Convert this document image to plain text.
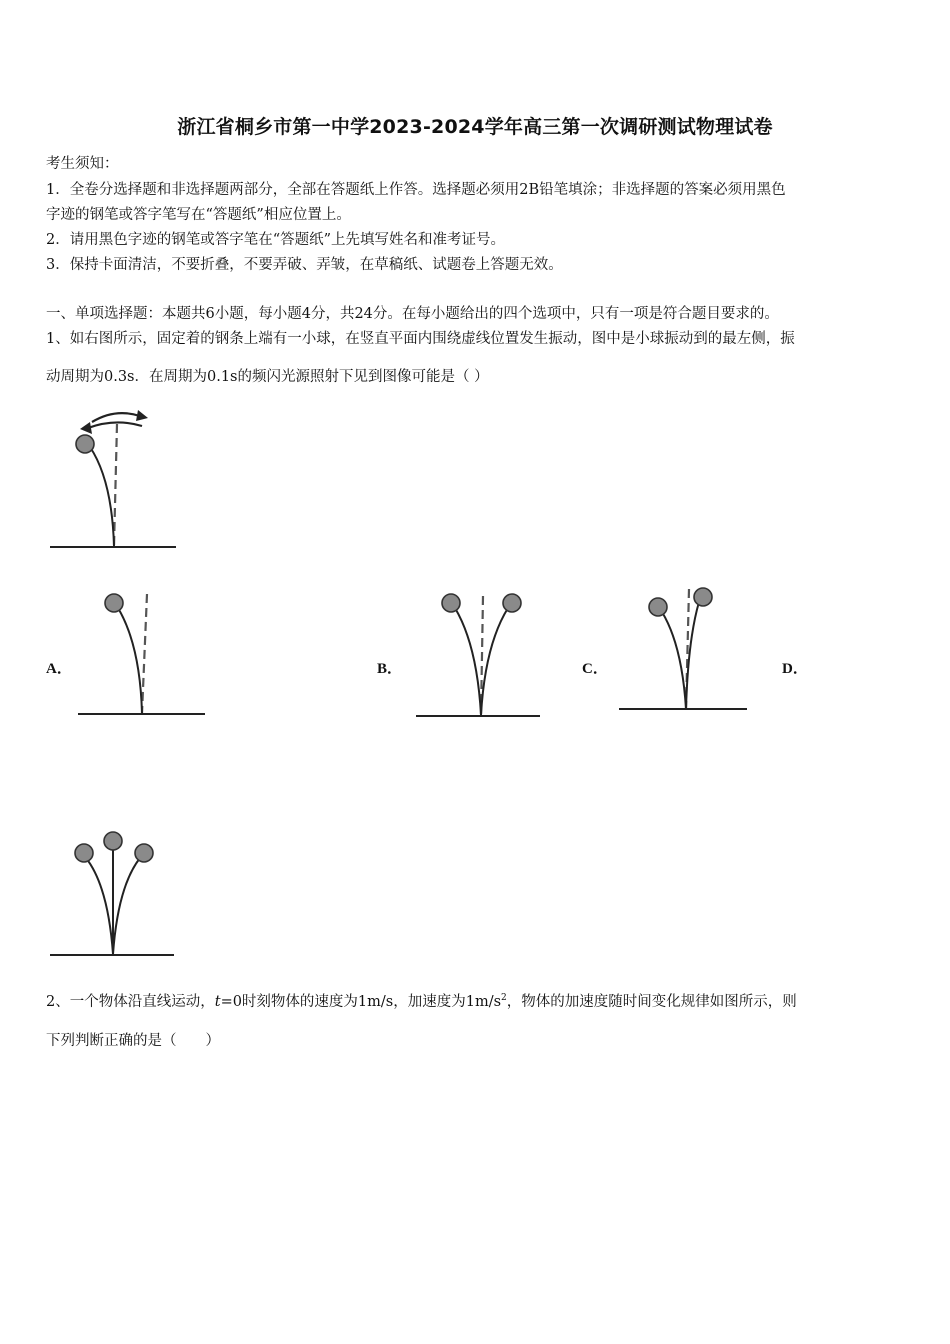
浙江省桐乡市第一中学2023-2024学年高三第一次调研测试物理试卷
考生须知：
1．全卷分选择题和非选择题两部分，全部在答题纸上作答。选择题必须用2B铅笔填涂；非选择题的答案必须用黑色
字迹的钢笔或答字笔写在“答题纸”相应位置上。
2．请用黑色字迹的钢笔或答字笔在“答题纸”上先填写姓名和准考证号。
3．保持卡面清洁，不要折叠，不要弄破、弄皱，在草稿纸、试题卷上答题无效。
一、单项选择题：本题共6小题，每小题4分，共24分。在每小题给出的四个选项中，只有一项是符合题目要求的。
1、如右图所示，固定着的钢条上端有一小球，在竖直平面内围绕虚线位置发生振动，图中是小球振动到的最左侧，振
动周期为0.3s．在周期为0.1s的频闪光源照射下见到图像可能是（ ）
A．	B．	C．	D．
2、一个物体沿直线运动，t=0时刻物体的速度为1m/s，加速度为$1m/s^2$，物体的加速度随时间变化规律如图所示，则
下列判断正确的是（　　）
